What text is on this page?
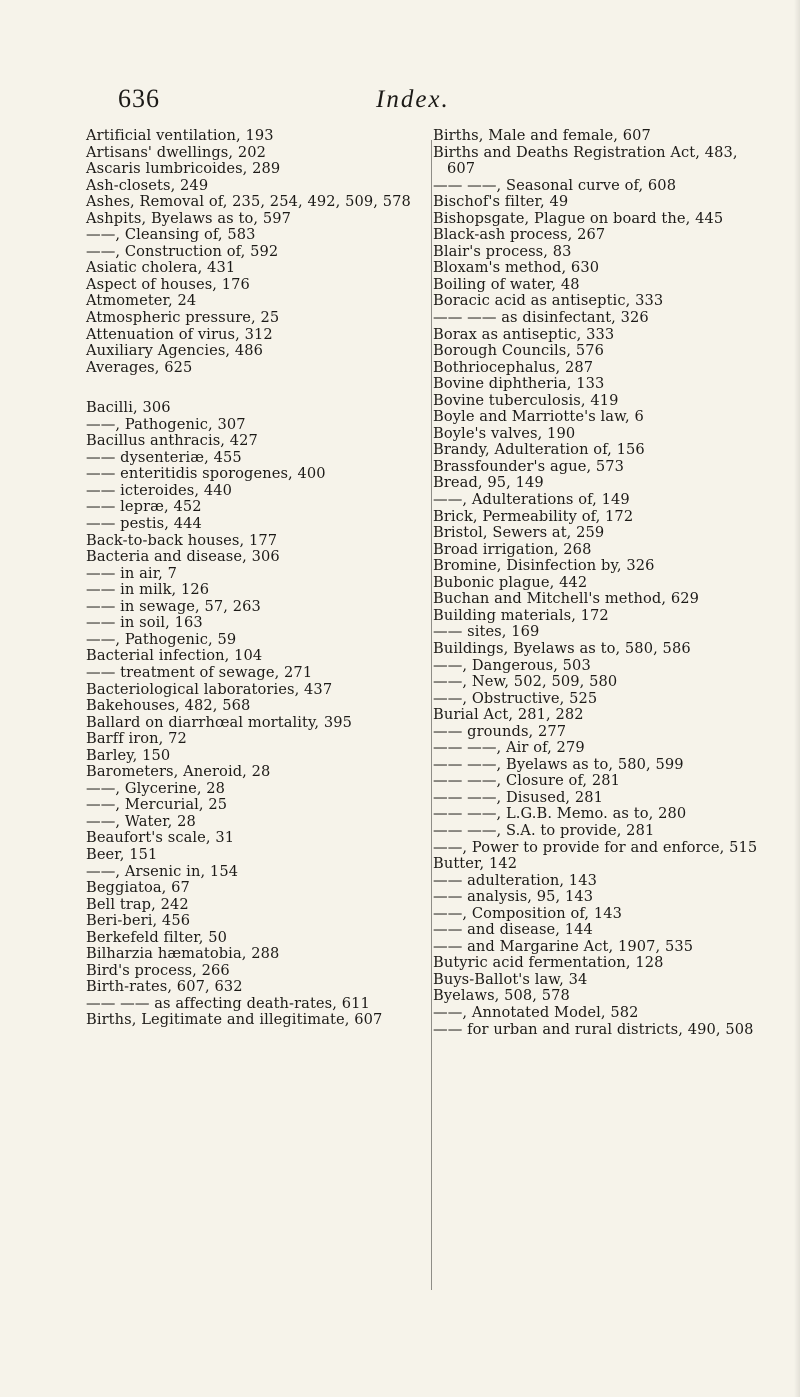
636	Index.
Artificial ventilation, 193
Artisans' dwellings, 202
Ascaris lumbricoides, 289
Ash-closets, 249
Ashes, Removal of, 235, 254, 492, 509, 578
Ashpits, Byelaws as to, 597
——, Cleansing of, 583
——, Construction of, 592
Asiatic cholera, 431
Aspect of houses, 176
Atmometer, 24
Atmospheric pressure, 25
Attenuation of virus, 312
Auxiliary Agencies, 486
Averages, 625
Bacilli, 306
——, Pathogenic, 307
Bacillus anthracis, 427
—— dysenteriæ, 455
—— enteritidis sporogenes, 400
—— icteroides, 440
—— lepræ, 452
—— pestis, 444
Back-to-back houses, 177
Bacteria and disease, 306
—— in air, 7
—— in milk, 126
—— in sewage, 57, 263
—— in soil, 163
——, Pathogenic, 59
Bacterial infection, 104
—— treatment of sewage, 271
Bacteriological laboratories, 437
Bakehouses, 482, 568
Ballard on diarrhœal mortality, 395
Barff iron, 72
Barley, 150
Barometers, Aneroid, 28
——, Glycerine, 28
——, Mercurial, 25
——, Water, 28
Beaufort's scale, 31
Beer, 151
——, Arsenic in, 154
Beggiatoa, 67
Bell trap, 242
Beri-beri, 456
Berkefeld filter, 50
Bilharzia hæmatobia, 288
Bird's process, 266
Birth-rates, 607, 632
—— —— as affecting death-rates, 611
Births, Legitimate and illegitimate, 607
Births, Male and female, 607
Births and Deaths Registration Act, 483, 607
—— ——, Seasonal curve of, 608
Bischof's filter, 49
Bishopsgate, Plague on board the, 445
Black-ash process, 267
Blair's process, 83
Bloxam's method, 630
Boiling of water, 48
Boracic acid as antiseptic, 333
—— —— as disinfectant, 326
Borax as antiseptic, 333
Borough Councils, 576
Bothriocephalus, 287
Bovine diphtheria, 133
Bovine tuberculosis, 419
Boyle and Marriotte's law, 6
Boyle's valves, 190
Brandy, Adulteration of, 156
Brassfounder's ague, 573
Bread, 95, 149
——, Adulterations of, 149
Brick, Permeability of, 172
Bristol, Sewers at, 259
Broad irrigation, 268
Bromine, Disinfection by, 326
Bubonic plague, 442
Buchan and Mitchell's method, 629
Building materials, 172
—— sites, 169
Buildings, Byelaws as to, 580, 586
——, Dangerous, 503
——, New, 502, 509, 580
——, Obstructive, 525
Burial Act, 281, 282
—— grounds, 277
—— ——, Air of, 279
—— ——, Byelaws as to, 580, 599
—— ——, Closure of, 281
—— ——, Disused, 281
—— ——, L.G.B. Memo. as to, 280
—— ——, S.A. to provide, 281
——, Power to provide for and enforce, 515
Butter, 142
—— adulteration, 143
—— analysis, 95, 143
——, Composition of, 143
—— and disease, 144
—— and Margarine Act, 1907, 535
Butyric acid fermentation, 128
Buys-Ballot's law, 34
Byelaws, 508, 578
——, Annotated Model, 582
—— for urban and rural districts, 490, 508
